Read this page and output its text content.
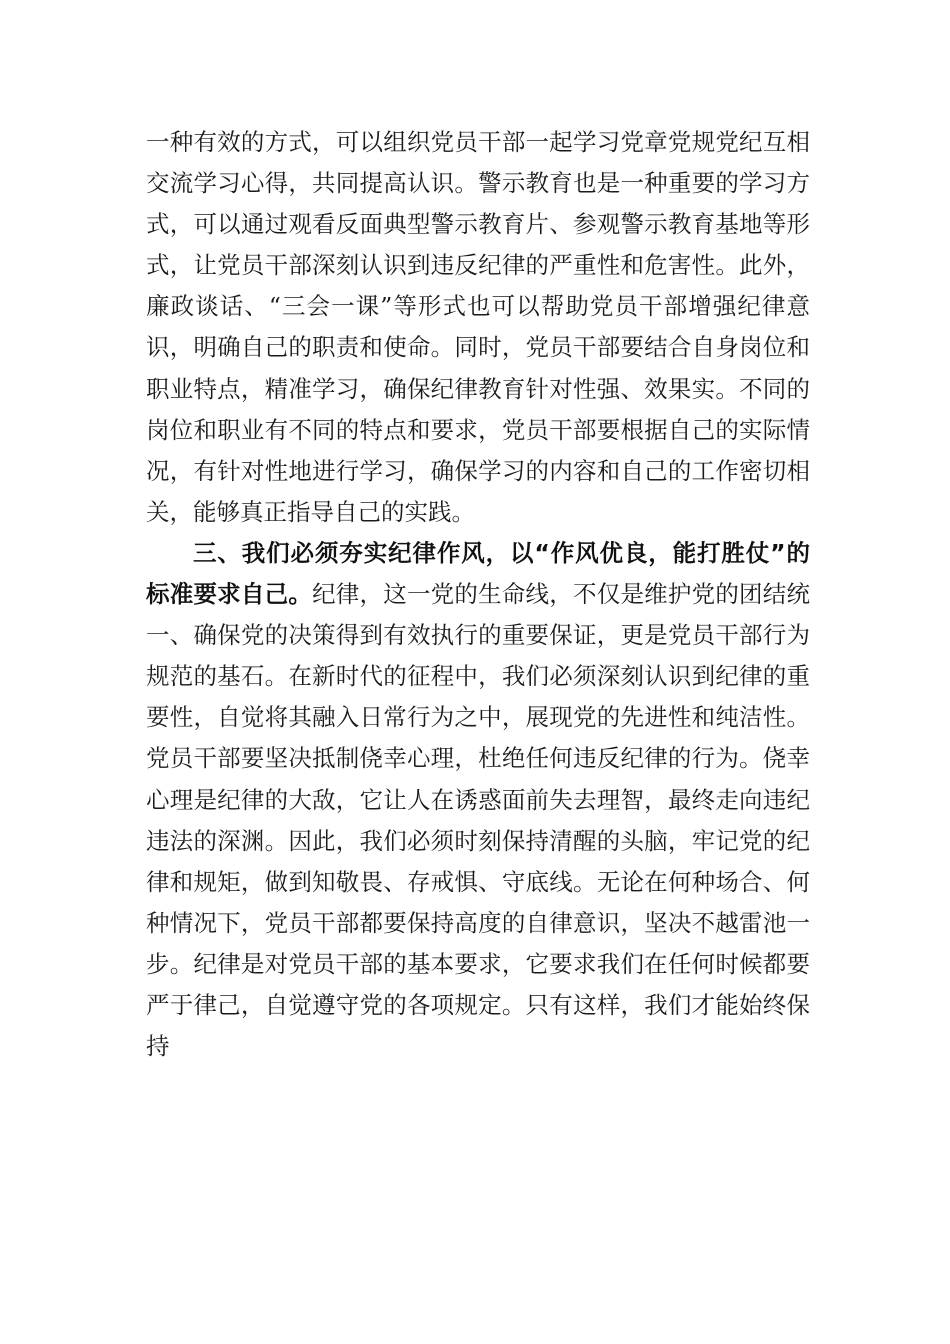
一种有效的方式，可以组织党员干部一起学习党章党规党纪互相交流学习心得，共同提高认识。警示教育也是一种重要的学习方式，可以通过观看反面典型警示教育片、参观警示教育基地等形式，让党员干部深刻认识到违反纪律的严重性和危害性。此外，廉政谈话、“三会一课”等形式也可以帮助党员干部增强纪律意识，明确自己的职责和使命。同时，党员干部要结合自身岗位和职业特点，精准学习，确保纪律教育针对性强、效果实。不同的岗位和职业有不同的特点和要求，党员干部要根据自己的实际情况，有针对性地进行学习，确保学习的内容和自己的工作密切相关，能够真正指导自己的实践。

三、我们必须夯实纪律作风，以“作风优良，能打胜仗”的标准要求自己。纪律，这一党的生命线，不仅是维护党的团结统一、确保党的决策得到有效执行的重要保证，更是党员干部行为规范的基石。在新时代的征程中，我们必须深刻认识到纪律的重要性，自觉将其融入日常行为之中，展现党的先进性和纯洁性。党员干部要坚决抵制侥幸心理，杜绝任何违反纪律的行为。侥幸心理是纪律的大敌，它让人在诱惑面前失去理智，最终走向违纪违法的深渊。因此，我们必须时刻保持清醒的头脑，牢记党的纪律和规矩，做到知敬畏、存戒惧、守底线。无论在何种场合、何种情况下，党员干部都要保持高度的自律意识，坚决不越雷池一步。纪律是对党员干部的基本要求，它要求我们在任何时候都要严于律己，自觉遵守党的各项规定。只有这样，我们才能始终保持
